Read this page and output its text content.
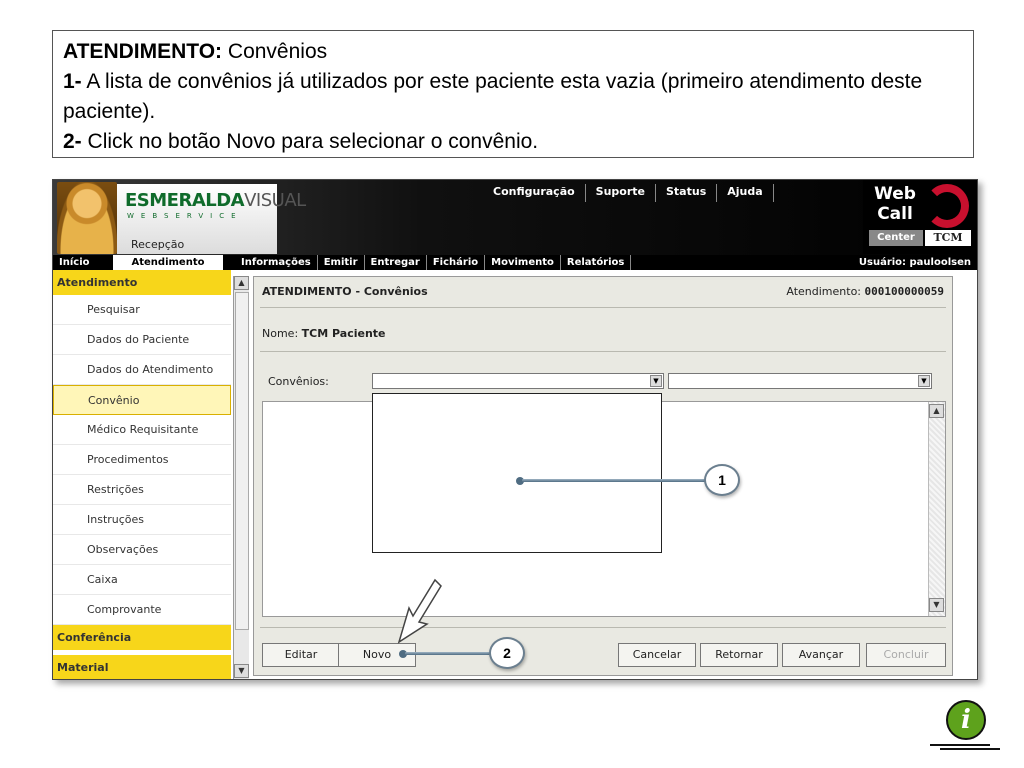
ATENDIMENTO: Convênios
1- A lista de convênios já utilizados por este paciente esta vazia (primeiro atendimento deste paciente).
2- Click no botão Novo para selecionar o convênio.
ESMERALDAVISUAL
WEBSERVICE
Recepção
Configuração	Suporte	Status	Ajuda	Web
Call
Center	TCM
Início	Atendimento	Informações	Emitir	Entregar	Fichário	Movimento	Relatórios	Usuário: pauloolsen
Atendimento
Pesquisar
Dados do Paciente
Dados do Atendimento
Convênio
Médico Requisitante
Procedimentos
Restrições
Instruções
Observações
Caixa
Comprovante
Conferência
Material
▲
▼
ATENDIMENTO - Convênios	Atendimento: 000100000059
Nome: TCM Paciente
Convênios:	▼	▼
▲
▼
Editar	Novo	Cancelar	Retornar	Avançar	Concluir
1
2
i
